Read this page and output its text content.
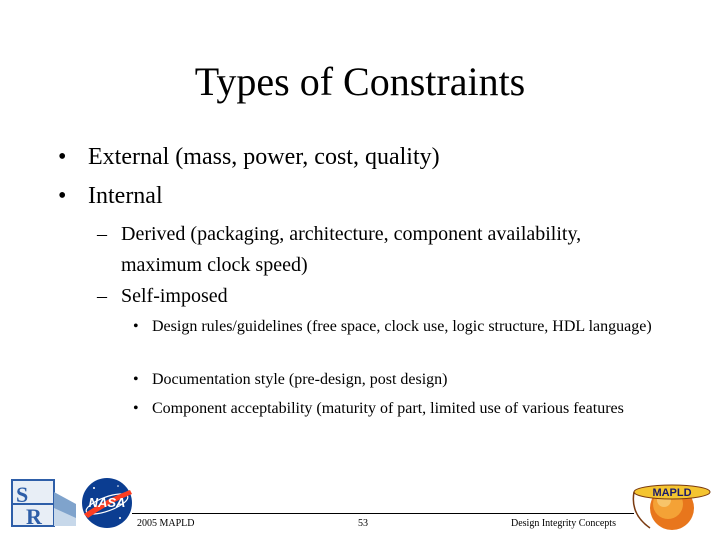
Types of Constraints
• External (mass, power, cost, quality)
• Internal
– Derived (packaging, architecture, component availability, maximum clock speed)
– Self-imposed
• Design rules/guidelines (free space, clock use, logic structure, HDL language)
• Documentation style (pre-design, post design)
• Component acceptability (maturity of part, limited use of various features
S
R
NASA
MAPLD
2005 MAPLD	53	Design Integrity Concepts
